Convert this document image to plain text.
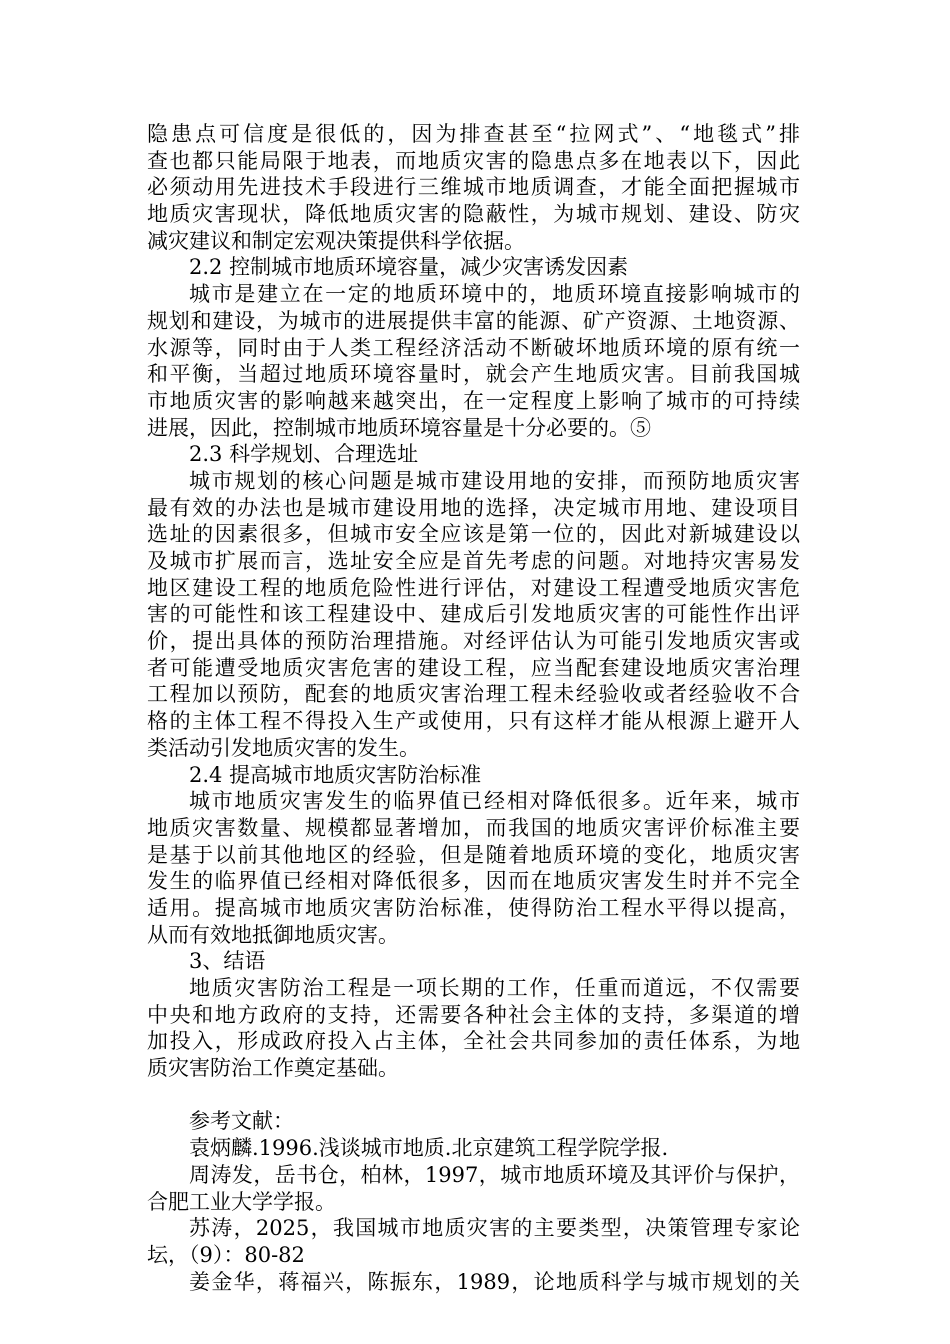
隐患点可信度是很低的，因为排查甚至“拉网式”、“地毯式”排

查也都只能局限于地表，而地质灾害的隐患点多在地表以下，因此

必须动用先进技术手段进行三维城市地质调查，才能全面把握城市

地质灾害现状，降低地质灾害的隐蔽性，为城市规划、建设、防灾

减灾建议和制定宏观决策提供科学依据。

2.2 控制城市地质环境容量，减少灾害诱发因素

城市是建立在一定的地质环境中的，地质环境直接影响城市的

规划和建设，为城市的进展提供丰富的能源、矿产资源、土地资源、

水源等，同时由于人类工程经济活动不断破坏地质环境的原有统一

和平衡，当超过地质环境容量时，就会产生地质灾害。目前我国城

市地质灾害的影响越来越突出，在一定程度上影响了城市的可持续

进展，因此，控制城市地质环境容量是十分必要的。⑤

2.3 科学规划、合理选址

城市规划的核心问题是城市建设用地的安排，而预防地质灾害

最有效的办法也是城市建设用地的选择，决定城市用地、建设项目

选址的因素很多，但城市安全应该是第一位的，因此对新城建设以

及城市扩展而言，选址安全应是首先考虑的问题。对地持灾害易发

地区建设工程的地质危险性进行评估，对建设工程遭受地质灾害危

害的可能性和该工程建设中、建成后引发地质灾害的可能性作出评

价，提出具体的预防治理措施。对经评估认为可能引发地质灾害或

者可能遭受地质灾害危害的建设工程，应当配套建设地质灾害治理

工程加以预防，配套的地质灾害治理工程未经验收或者经验收不合

格的主体工程不得投入生产或使用，只有这样才能从根源上避开人

类活动引发地质灾害的发生。

2.4 提高城市地质灾害防治标准

城市地质灾害发生的临界值已经相对降低很多。近年来，城市

地质灾害数量、规模都显著增加，而我国的地质灾害评价标准主要

是基于以前其他地区的经验，但是随着地质环境的变化，地质灾害

发生的临界值已经相对降低很多，因而在地质灾害发生时并不完全

适用。提高城市地质灾害防治标准，使得防治工程水平得以提高，

从而有效地抵御地质灾害。

3、结语

地质灾害防治工程是一项长期的工作，任重而道远，不仅需要

中央和地方政府的支持，还需要各种社会主体的支持，多渠道的增

加投入，形成政府投入占主体，全社会共同参加的责任体系，为地

质灾害防治工作奠定基础。

参考文献：

袁炳麟.1996.浅谈城市地质.北京建筑工程学院学报.

周涛发，岳书仓，柏林，1997，城市地质环境及其评价与保护，

合肥工业大学学报。

苏涛，2025，我国城市地质灾害的主要类型，决策管理专家论

坛，（9）：80-82

姜金华，蒋福兴，陈振东，1989，论地质科学与城市规划的关
